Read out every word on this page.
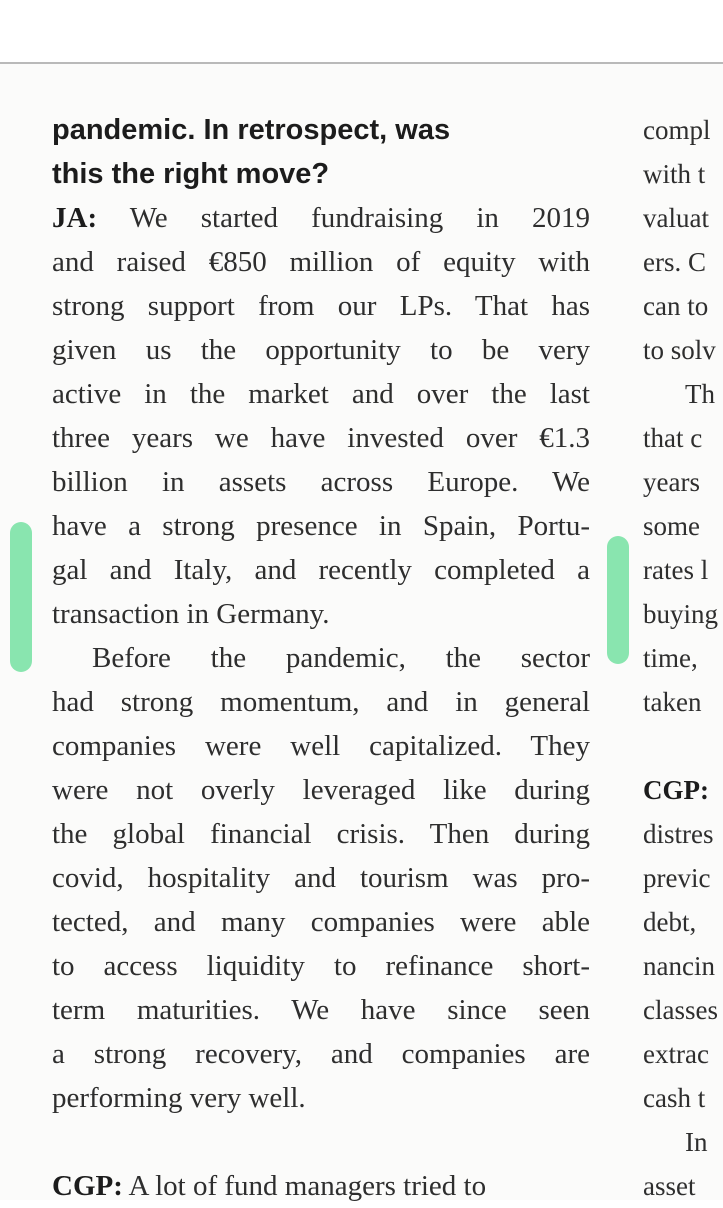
pandemic. In retrospect, was
this the right move?

JA: We started fundraising in 2019
and raised €850 million of equity with
strong support from our LPs. That has
given us the opportunity to be very
active in the market and over the last
three years we have invested over €1.3
billion in assets across Europe. We
have a strong presence in Spain, Portu-
gal and Italy, and recently completed a
transaction in Germany.

Before the pandemic, the sector
had strong momentum, and in general
companies were well capitalized. They
were not overly leveraged like during
the global financial crisis. Then during
covid, hospitality and tourism was pro-
tected, and many companies were able
to access liquidity to refinance short-
term maturities. We have since seen
a strong recovery, and companies are
performing very well.

CGP: A lot of fund managers tried to

compl
with t
valuat
ers. C
can to
to solv
Th
that c
years
some
rates l
buying
time,
taken

CGP:
distres
previc
debt,
nancin
classes
extrac
cash t
In
asset
